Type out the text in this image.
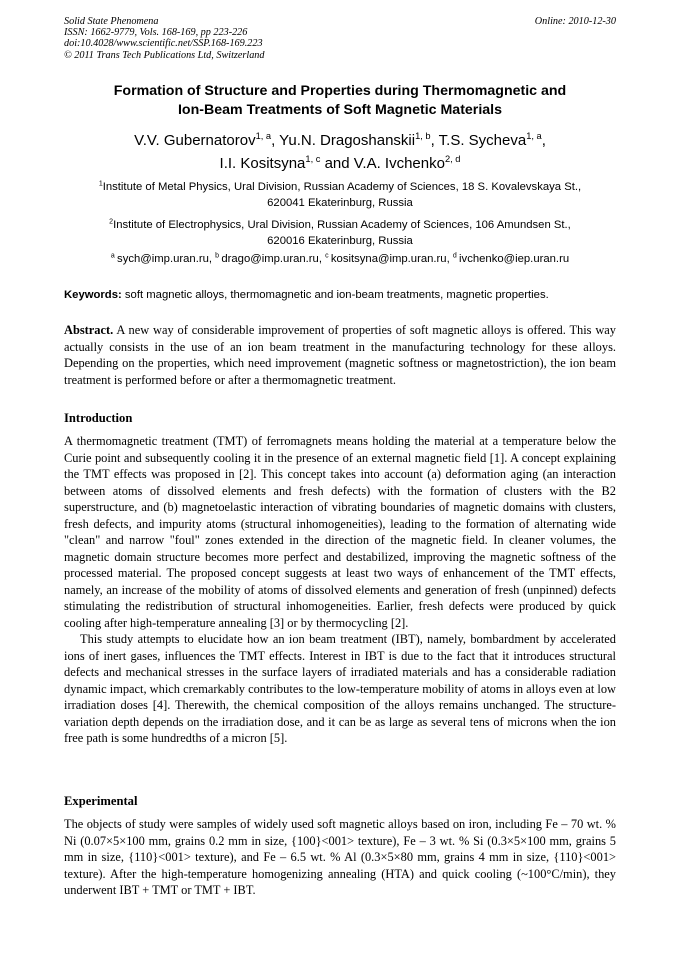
Solid State Phenomena
ISSN: 1662-9779, Vols. 168-169, pp 223-226
doi:10.4028/www.scientific.net/SSP.168-169.223
© 2011 Trans Tech Publications Ltd, Switzerland
Online: 2010-12-30
Formation of Structure and Properties during Thermomagnetic and
Ion-Beam Treatments of Soft Magnetic Materials
V.V. Gubernatorov$^{1, a}$, Yu.N. Dragoshanskii$^{1, b}$, T.S. Sycheva$^{1, a}$,
I.I. Kositsyna$^{1, c}$ and V.A. Ivchenko$^{2, d}$
$^1$Institute of Metal Physics, Ural Division, Russian Academy of Sciences, 18 S. Kovalevskaya St.,
620041 Ekaterinburg, Russia
$^2$Institute of Electrophysics, Ural Division, Russian Academy of Sciences, 106 Amundsen St.,
620016 Ekaterinburg, Russia
$^a$  sych@imp.uran.ru, $^b$  drago@imp.uran.ru, $^c$  kositsyna@imp.uran.ru, $^d$  ivchenko@iep.uran.ru
Keywords: soft magnetic alloys, thermomagnetic and ion-beam treatments, magnetic properties.

Abstract. A new way of considerable improvement of properties of soft magnetic alloys is offered. This way actually consists in the use of an ion beam treatment in the manufacturing technology for these alloys. Depending on the properties, which need improvement (magnetic softness or magnetostriction), the ion beam treatment is performed before or after a thermomagnetic treatment.

Introduction

A thermomagnetic treatment (TMT) of ferromagnets means holding the material at a temperature below the Curie point and subsequently cooling it in the presence of an external magnetic field [1]. A concept explaining the TMT effects was proposed in [2]. This concept takes into account (a) deformation aging (an interaction between atoms of dissolved elements and fresh defects) with the formation of clusters with the B2 superstructure, and (b) magnetoelastic interaction of vibrating boundaries of magnetic domains with clusters, fresh defects, and impurity atoms (structural inhomogeneities), leading to the formation of alternating wide "clean" and narrow "foul" zones extended in the direction of the magnetic field. In cleaner volumes, the magnetic domain structure becomes more perfect and destabilized, improving the magnetic softness of the processed material. The proposed concept suggests at least two ways of enhancement of the TMT effects, namely, an increase of the mobility of atoms of dissolved elements and generation of fresh (unpinned) defects stimulating the redistribution of structural inhomogeneities. Earlier, fresh defects were produced by quick cooling after high-temperature annealing [3] or by thermocycling [2].

This study attempts to elucidate how an ion beam treatment (IBT), namely, bombardment by accelerated ions of inert gases, influences the TMT effects. Interest in IBT is due to the fact that it introduces structural defects and mechanical stresses in the surface layers of irradiated materials and has a considerable radiation dynamic impact, which cremarkably contributes to the low-temperature mobility of atoms in alloys even at low irradiation doses [4]. Therewith, the chemical composition of the alloys remains unchanged. The structure-variation depth depends on the irradiation dose, and it can be as large as several tens of microns when the ion free path is some hundredths of a micron [5].

Experimental

The objects of study were samples of widely used soft magnetic alloys based on iron, including Fe – 70 wt. % Ni (0.07×5×100 mm, grains 0.2 mm in size, {100}<001> texture), Fe – 3 wt. % Si (0.3×5×100 mm, grains 5 mm in size, {110}<001> texture), and Fe – 6.5 wt. % Al (0.3×5×80 mm, grains 4 mm in size, {110}<001> texture). After the high-temperature homogenizing annealing (HTA) and quick cooling (~100°C/min), they underwent IBT + TMT or TMT + IBT.
